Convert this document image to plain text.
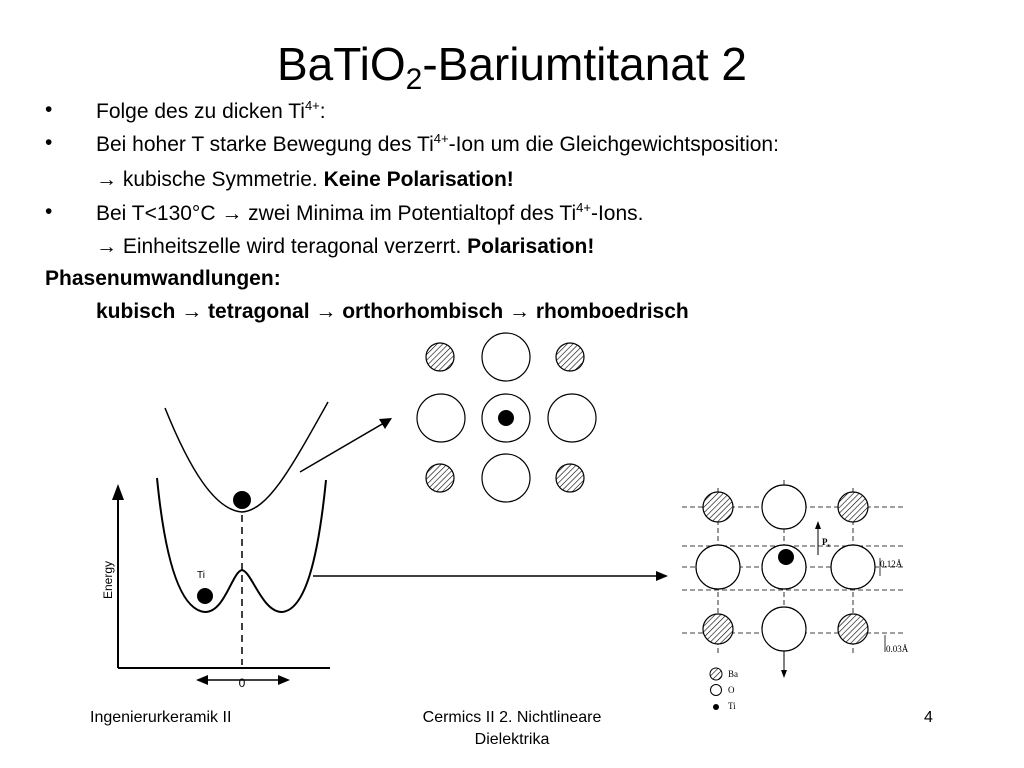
BaTiO$_2$-Bariumtitanat 2
• Folge des zu dicken $Ti^{4+}$:
• Bei hoher T starke Bewegung des $Ti^{4+}$-Ion um die Gleichgewichtsposition:
→ kubische Symmetrie. Keine Polarisation!
• Bei T<130°C → zwei Minima im Potentialtopf des $Ti^{4+}$-Ions.
→ Einheitszelle wird teragonal verzerrt. Polarisation!
Phasenumwandlungen:
kubisch → tetragonal → orthorhombisch → rhomboedrisch
Energy	Ti
0
$P_s$
0.12Å
0.03Å
Ba
O
Ti
Ingenierurkeramik II	Cermics II 2. Nichtlineare
Dielektrika
4
